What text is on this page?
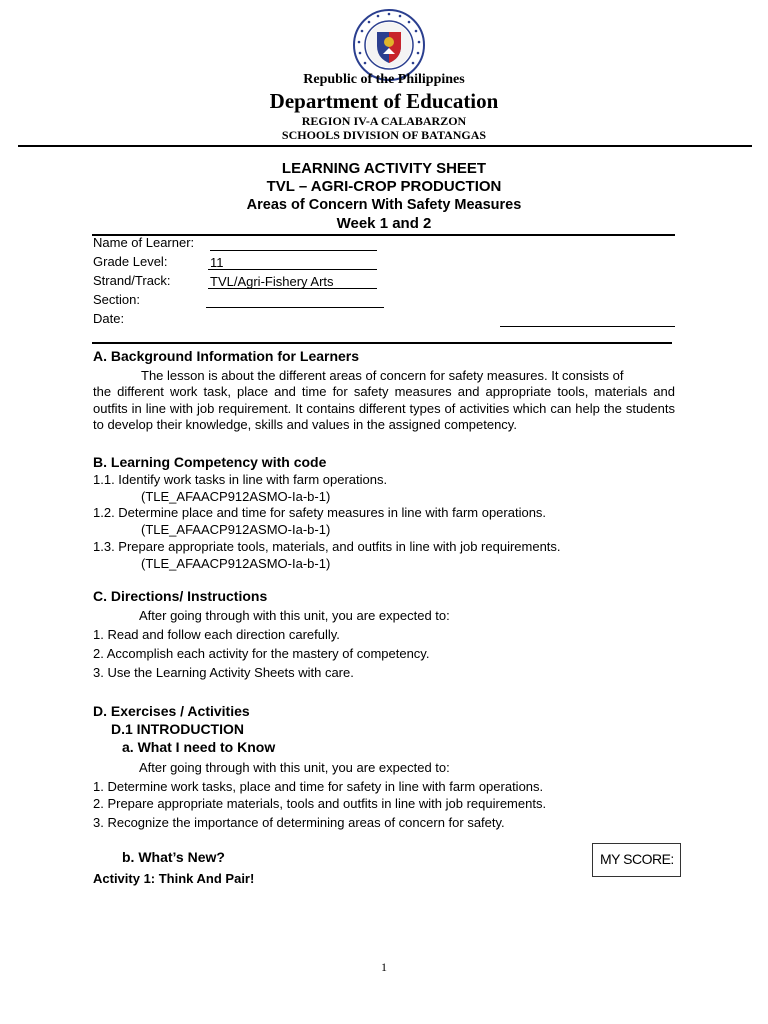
Republic of the Philippines
Department of Education
REGION IV-A CALABARZON
SCHOOLS DIVISION OF BATANGAS
LEARNING ACTIVITY SHEET
TVL – AGRI-CROP PRODUCTION
Areas of Concern With Safety Measures
Week 1 and 2
Name of Learner:
Grade Level:	11
Strand/Track:	TVL/Agri-Fishery Arts
Section:
Date:
A. Background Information for Learners
The lesson is about the different areas of concern for safety measures. It consists of
the different work task, place and time for safety measures and appropriate tools, materials and outfits in line with job requirement. It contains different types of activities which can help the students to develop their knowledge, skills and values in the assigned competency.
B. Learning Competency with code
1.1. Identify work tasks in line with farm operations.
(TLE_AFAACP912ASMO-Ia-b-1)
1.2. Determine place and time for safety measures in line with farm operations.
(TLE_AFAACP912ASMO-Ia-b-1)
1.3. Prepare appropriate tools, materials, and outfits in line with job requirements.
(TLE_AFAACP912ASMO-Ia-b-1)
C. Directions/ Instructions
After going through with this unit, you are expected to:
1. Read and follow each direction carefully.
2. Accomplish each activity for the mastery of competency.
3. Use the Learning Activity Sheets with care.
D. Exercises / Activities
D.1 INTRODUCTION
a. What I need to Know
After going through with this unit, you are expected to:
1. Determine work tasks, place and time for safety in line with farm operations.
2. Prepare appropriate materials, tools and outfits in line with job requirements.
3. Recognize the importance of determining areas of concern for safety.
b. What’s New?
Activity 1: Think And Pair!
MY SCORE:
1
